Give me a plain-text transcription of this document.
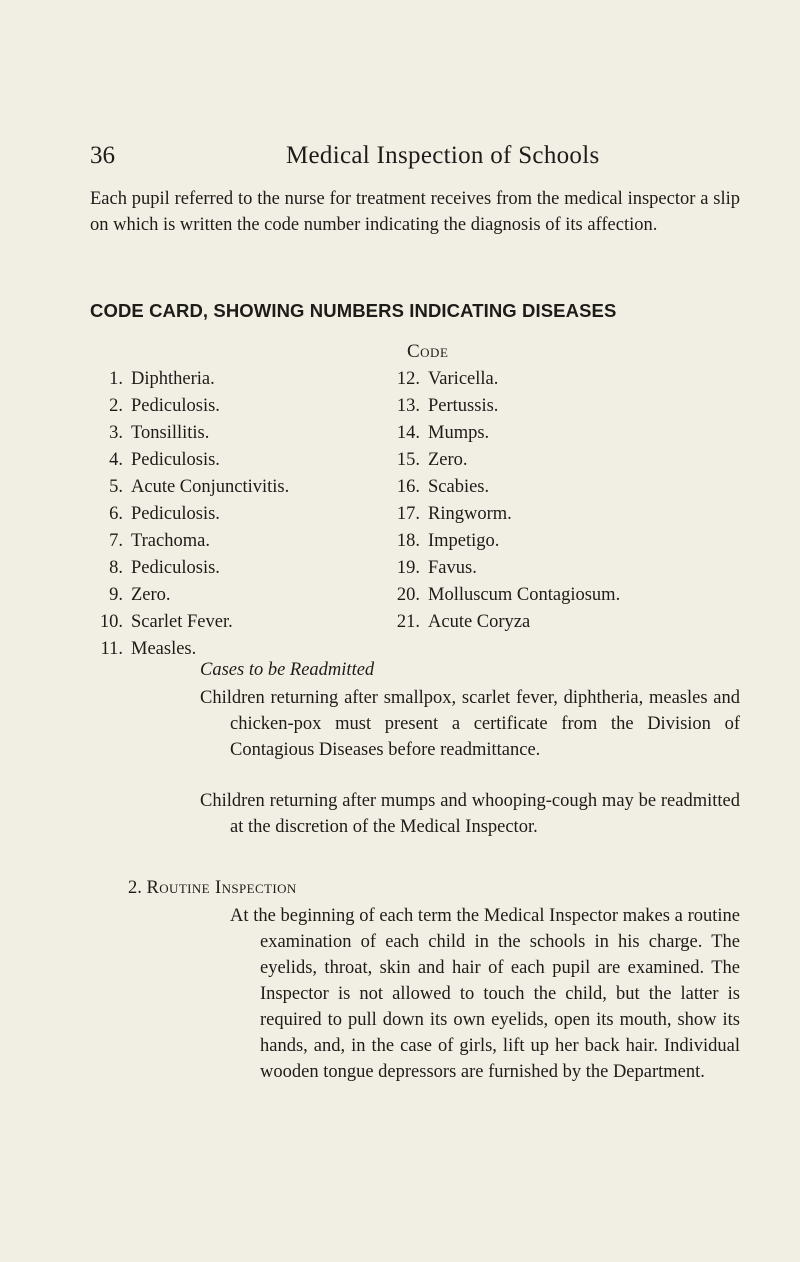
36	Medical Inspection of Schools

Each pupil referred to the nurse for treatment receives from the medical inspector a slip on which is written the code number indicating the diagnosis of its affection.

CODE CARD, SHOWING NUMBERS INDICATING DISEASES
Code
1. Diphtheria.
2. Pediculosis.
3. Tonsillitis.
4. Pediculosis.
5. Acute Conjunctivitis.
6. Pediculosis.
7. Trachoma.
8. Pediculosis.
9. Zero.
10. Scarlet Fever.
11. Measles.
12. Varicella.
13. Pertussis.
14. Mumps.
15. Zero.
16. Scabies.
17. Ringworm.
18. Impetigo.
19. Favus.
20. Molluscum Contagiosum.
21. Acute Coryza
Cases to be Readmitted

Children returning after smallpox, scarlet fever, diphtheria, measles and chicken-pox must present a certificate from the Division of Contagious Diseases before readmittance.

Children returning after mumps and whooping-cough may be readmitted at the discretion of the Medical Inspector.

2. Routine Inspection

At the beginning of each term the Medical Inspector makes a routine examination of each child in the schools in his charge. The eyelids, throat, skin and hair of each pupil are examined. The Inspector is not allowed to touch the child, but the latter is required to pull down its own eyelids, open its mouth, show its hands, and, in the case of girls, lift up her back hair. Individual wooden tongue depressors are furnished by the Department.
